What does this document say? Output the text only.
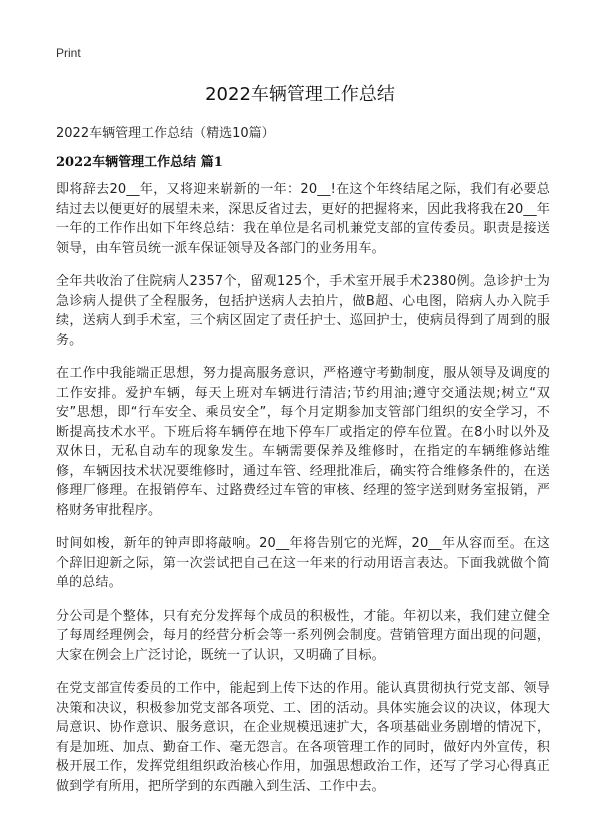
Print
2022车辆管理工作总结
2022车辆管理工作总结（精选10篇）
2022车辆管理工作总结 篇1

即将辞去20__年，又将迎来崭新的一年：20__!在这个年终结尾之际，我们有必要总结过去以便更好的展望未来，深思反省过去，更好的把握将来，因此我将我在20__年一年的工作作出如下年终总结：我在单位是名司机兼党支部的宣传委员。职责是接送领导，由车管员统一派车保证领导及各部门的业务用车。

全年共收治了住院病人2357个，留观125个，手术室开展手术2380例。急诊护士为急诊病人提供了全程服务，包括护送病人去拍片，做B超、心电图，陪病人办入院手续，送病人到手术室，三个病区固定了责任护士、巡回护士，使病员得到了周到的服务。

在工作中我能端正思想，努力提高服务意识，严格遵守考勤制度，服从领导及调度的工作安排。爱护车辆，每天上班对车辆进行清洁;节约用油;遵守交通法规;树立“双安”思想，即“行车安全、乘员安全”，每个月定期参加支管部门组织的安全学习，不断提高技术水平。下班后将车辆停在地下停车厂或指定的停车位置。在8小时以外及双休日，无私自动车的现象发生。车辆需要保养及维修时，在指定的车辆维修站维修，车辆因技术状况要维修时，通过车管、经理批准后，确实符合维修条件的，在送修理厂修理。在报销停车、过路费经过车管的审核、经理的签字送到财务室报销，严格财务审批程序。

时间如梭，新年的钟声即将敲响。20__年将告别它的光辉，20__年从容而至。在这个辞旧迎新之际，第一次尝试把自己在这一年来的行动用语言表达。下面我就做个简单的总结。

分公司是个整体，只有充分发挥每个成员的积极性，才能。年初以来，我们建立健全了每周经理例会，每月的经营分析会等一系列例会制度。营销管理方面出现的问题，大家在例会上广泛讨论，既统一了认识，又明确了目标。

在党支部宣传委员的工作中，能起到上传下达的作用。能认真贯彻执行党支部、领导决策和决议，积极参加党支部各项党、工、团的活动。具体实施会议的决议，体现大局意识、协作意识、服务意识，在企业规模迅速扩大，各项基础业务剧增的情况下，有是加班、加点、勤奋工作、毫无怨言。在各项管理工作的同时，做好内外宣传，积极开展工作，发挥党组组织政治核心作用，加强思想政治工作，还写了学习心得真正做到学有所用，把所学到的东西融入到生活、工作中去。
